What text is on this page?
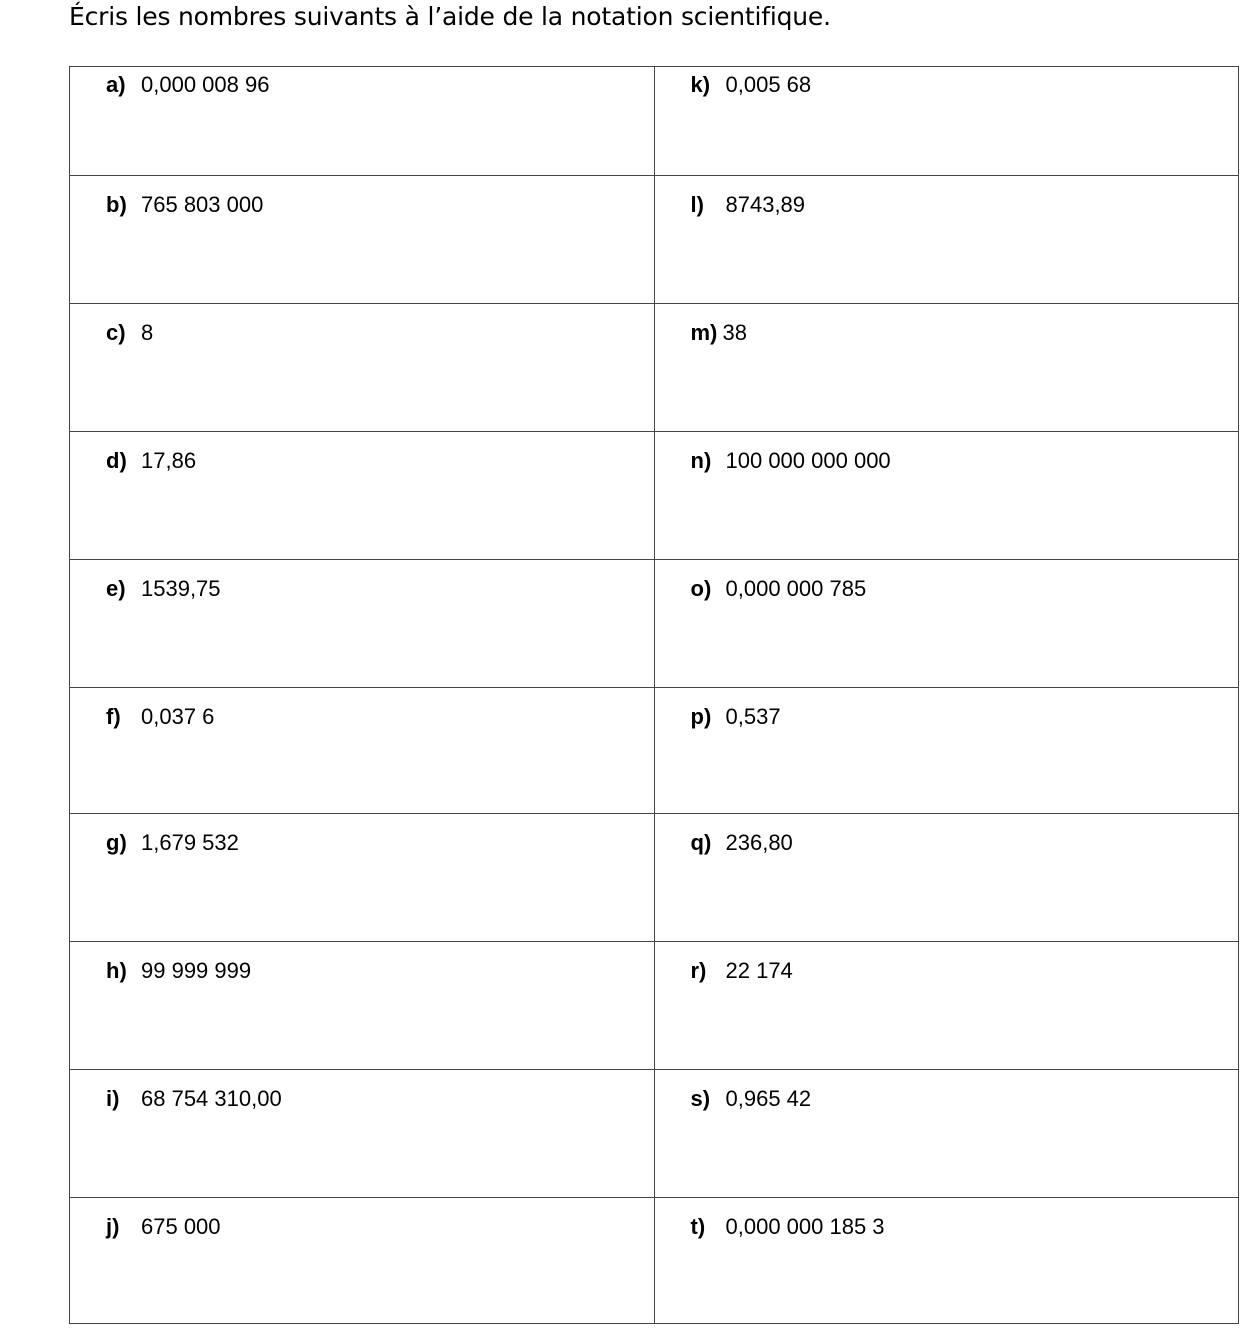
Écris les nombres suivants à l’aide de la notation scientifique.
a) 0,000 008 96	k) 0,005 68

b) 765 803 000	l) 8743,89

c) 8	m) 38

d) 17,86	n) 100 000 000 000

e) 1539,75	o) 0,000 000 785

f) 0,037 6	p) 0,537

g) 1,679 532	q) 236,80

h) 99 999 999	r) 22 174

i) 68 754 310,00	s) 0,965 42

j) 675 000	t) 0,000 000 185 3
